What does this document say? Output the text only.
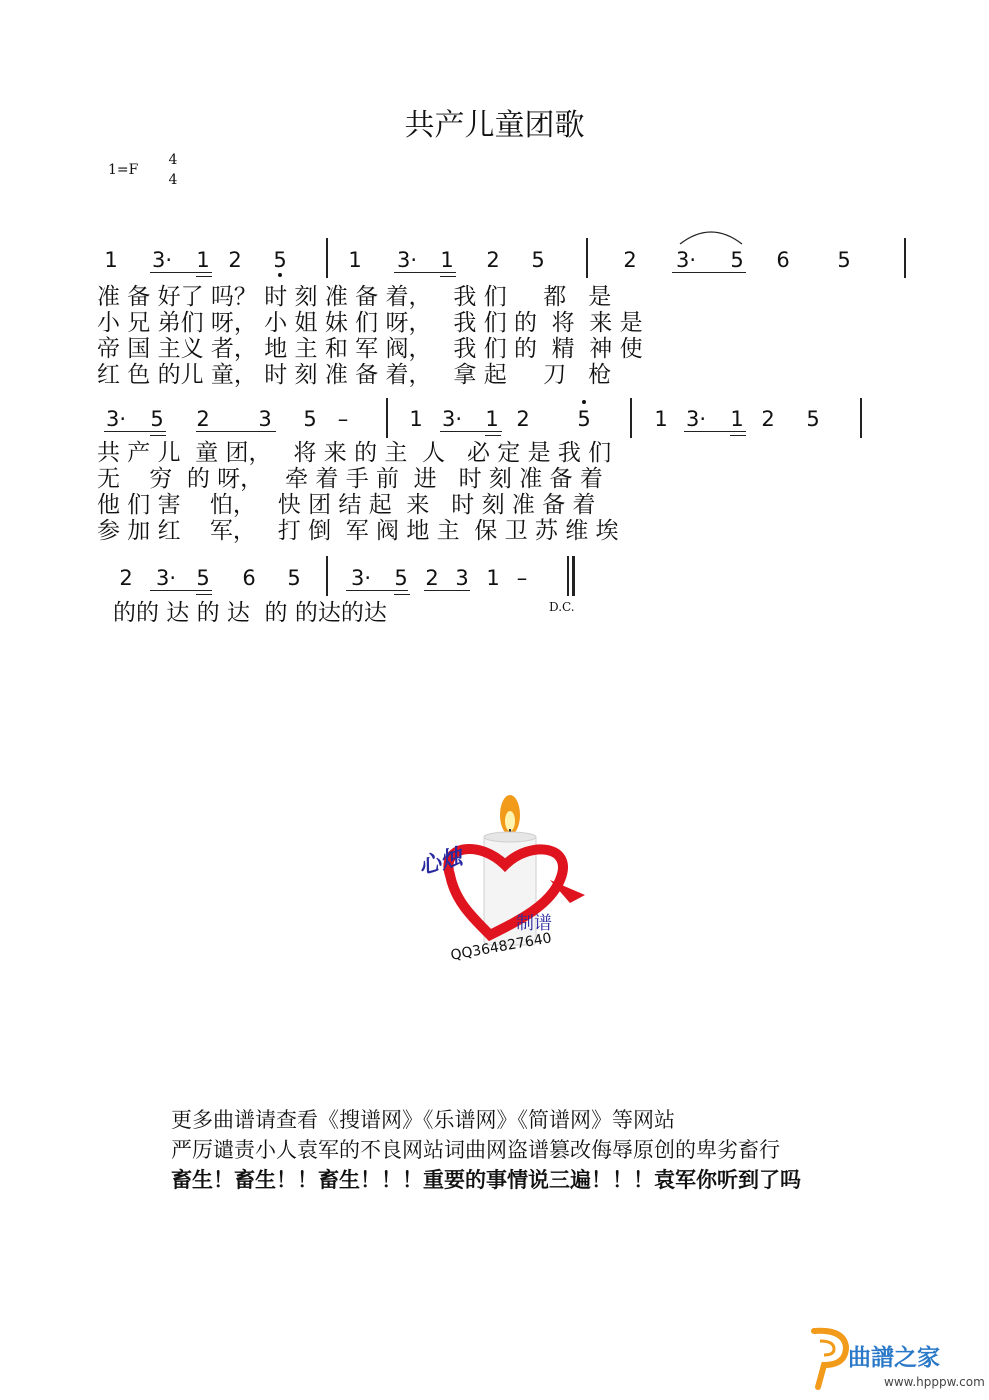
共产儿童团歌
1=F
4
4
1 3· 1 2 5	1 3· 1 2 5	2 3· 5 6 5
准 备 好了 吗？ 时 刻 准 备 着，   我 们     都   是
小 兄 弟们 呀， 小 姐 妹 们 呀，   我 们 的  将  来 是
帝 国 主义 者， 地 主 和 军 阀，   我 们 的  精  神 使
红 色 的儿 童， 时 刻 准 备 着，   拿 起     刀   枪
3· 5 2 3 5	–	1 3· 1 2 5	1 3· 1 2 5
共 产 儿  童 团，   将 来 的 主  人   必 定 是 我 们
无    穷  的 呀，   牵 着 手 前  进   时 刻 准 备 着
他 们 害    怕，   快 团 结 起  来   时 刻 准 备 着
参 加 红    军，   打 倒  军 阀 地 主  保 卫 苏 维 埃
2 3· 5 6 5 3· 5 2 3 1 –
的的 达 的 达  的 的达的达	D.C.
心烛
制谱
QQ364827640
更多曲谱请查看《搜谱网》《乐谱网》《简谱网》等网站
严厉谴责小人袁军的不良网站词曲网盗谱篡改侮辱原创的卑劣畜行
畜生！畜生！！畜生！！！重要的事情说三遍！！！袁军你听到了吗
曲譜之家
www.hpppw.com
